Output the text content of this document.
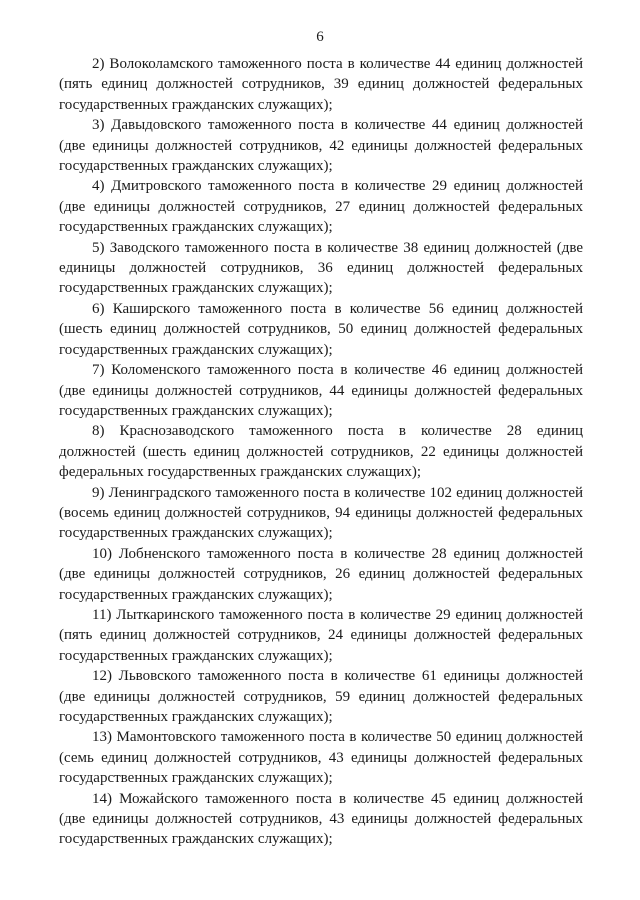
6

2) Волоколамского таможенного поста в количестве 44 единиц должностей (пять единиц должностей сотрудников, 39 единиц должностей федеральных государственных гражданских служащих);

3) Давыдовского таможенного поста в количестве 44 единиц должностей (две единицы должностей сотрудников, 42 единицы должностей федеральных государственных гражданских служащих);

4) Дмитровского таможенного поста в количестве 29 единиц должностей (две единицы должностей сотрудников, 27 единиц должностей федеральных государственных гражданских служащих);

5) Заводского таможенного поста в количестве 38 единиц должностей (две единицы должностей сотрудников, 36 единиц должностей федеральных государственных гражданских служащих);

6) Каширского таможенного поста в количестве 56 единиц должностей (шесть единиц должностей сотрудников, 50 единиц должностей федеральных государственных гражданских служащих);

7) Коломенского таможенного поста в количестве 46 единиц должностей (две единицы должностей сотрудников, 44 единицы должностей федеральных государственных гражданских служащих);

8) Краснозаводского таможенного поста в количестве 28 единиц должностей (шесть единиц должностей сотрудников, 22 единицы должностей федеральных государственных гражданских служащих);

9) Ленинградского таможенного поста в количестве 102 единиц должностей (восемь единиц должностей сотрудников, 94 единицы должностей федеральных государственных гражданских служащих);

10) Лобненского таможенного поста в количестве 28 единиц должностей (две единицы должностей сотрудников, 26 единиц должностей федеральных государственных гражданских служащих);

11) Лыткаринского таможенного поста в количестве 29 единиц должностей (пять единиц должностей сотрудников, 24 единицы должностей федеральных государственных гражданских служащих);

12) Львовского таможенного поста в количестве 61 единицы должностей (две единицы должностей сотрудников, 59 единиц должностей федеральных государственных гражданских служащих);

13) Мамонтовского таможенного поста в количестве 50 единиц должностей (семь единиц должностей сотрудников, 43 единицы должностей федеральных государственных гражданских служащих);

14) Можайского таможенного поста в количестве 45 единиц должностей (две единицы должностей сотрудников, 43 единицы должностей федеральных государственных гражданских служащих);
